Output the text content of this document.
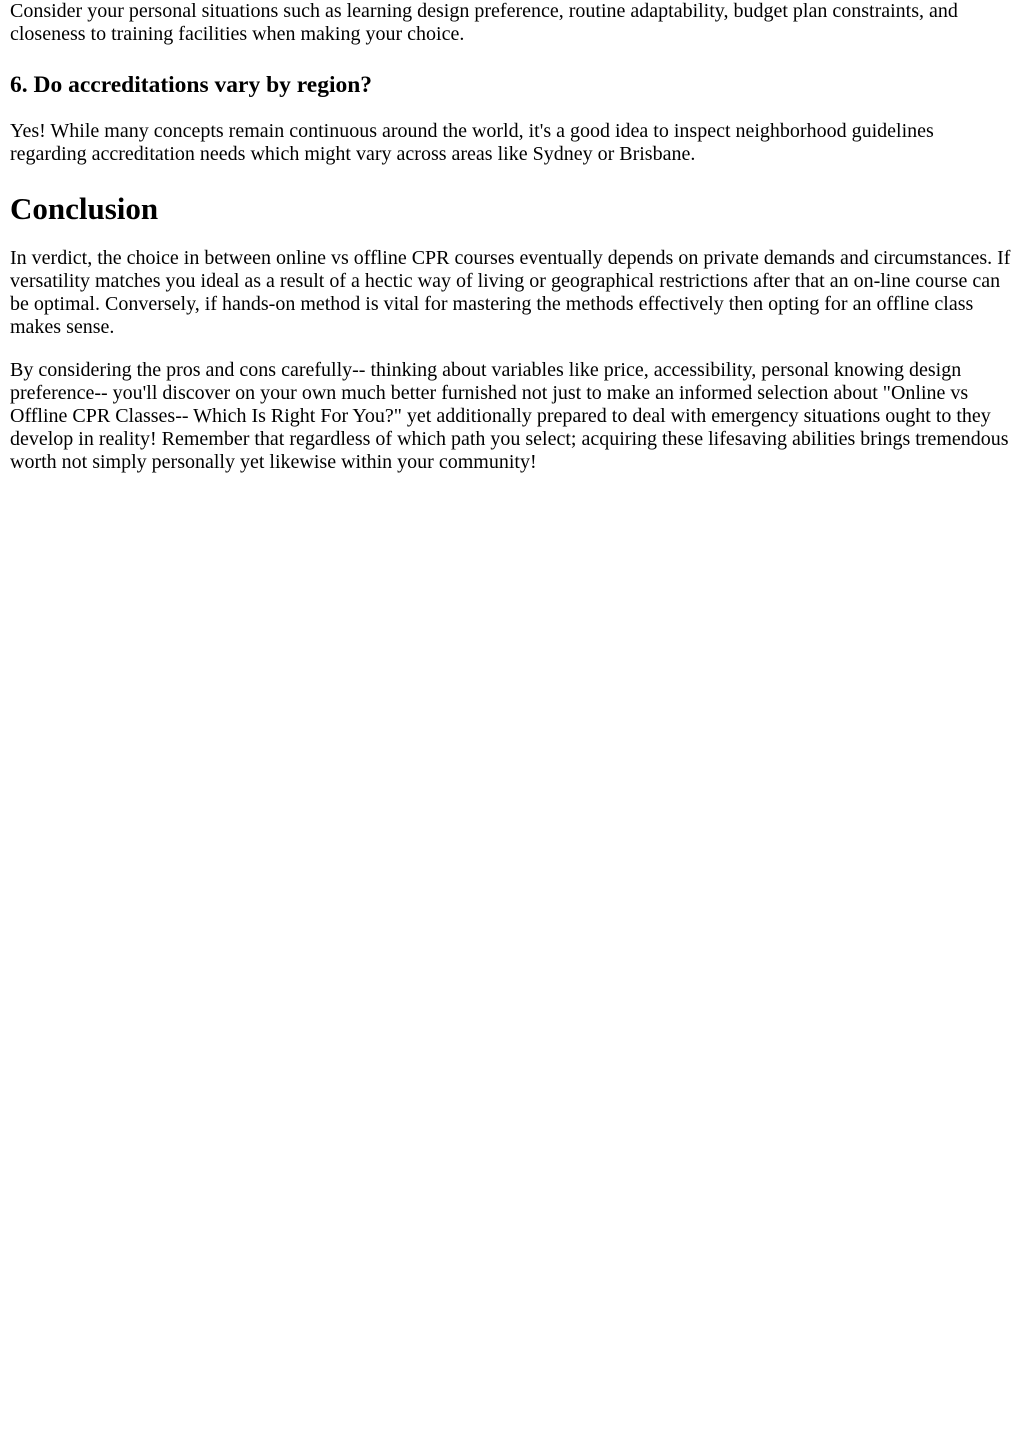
Consider your personal situations such as learning design preference, routine adaptability, budget plan constraints, and closeness to training facilities when making your choice.

6. Do accreditations vary by region?

Yes! While many concepts remain continuous around the world, it's a good idea to inspect neighborhood guidelines regarding accreditation needs which might vary across areas like Sydney or Brisbane.

Conclusion

In verdict, the choice in between online vs offline CPR courses eventually depends on private demands and circumstances. If versatility matches you ideal as a result of a hectic way of living or geographical restrictions after that an on-line course can be optimal. Conversely, if hands-on method is vital for mastering the methods effectively then opting for an offline class makes sense.

By considering the pros and cons carefully-- thinking about variables like price, accessibility, personal knowing design preference-- you'll discover on your own much better furnished not just to make an informed selection about "Online vs Offline CPR Classes-- Which Is Right For You?" yet additionally prepared to deal with emergency situations ought to they develop in reality! Remember that regardless of which path you select; acquiring these lifesaving abilities brings tremendous worth not simply personally yet likewise within your community!
